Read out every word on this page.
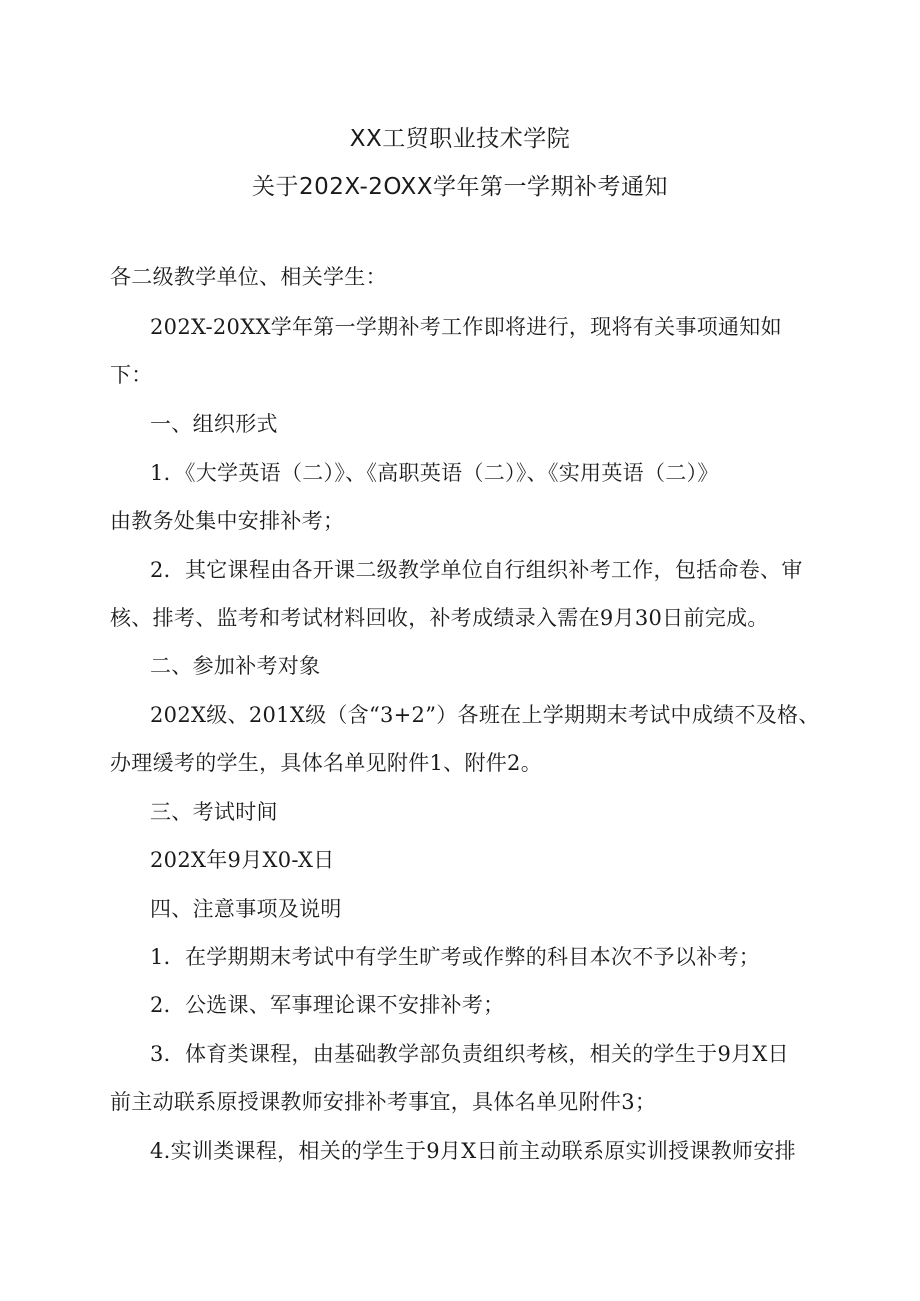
XX工贸职业技术学院
关于202X-2OXX学年第一学期补考通知
各二级教学单位、相关学生：
202X-20XX学年第一学期补考工作即将进行，现将有关事项通知如
下：
一、组织形式
1．《大学英语（二）》、《高职英语（二）》、《实用英语（二）》
由教务处集中安排补考；
2．其它课程由各开课二级教学单位自行组织补考工作，包括命卷、审
核、排考、监考和考试材料回收，补考成绩录入需在9月30日前完成。
二、参加补考对象
202X级、201X级（含“3+2”）各班在上学期期末考试中成绩不及格、
办理缓考的学生，具体名单见附件1、附件2。
三、考试时间
202X年9月X0-X日
四、注意事项及说明
1．在学期期末考试中有学生旷考或作弊的科目本次不予以补考；
2．公选课、军事理论课不安排补考；
3．体育类课程，由基础教学部负责组织考核，相关的学生于9月X日
前主动联系原授课教师安排补考事宜，具体名单见附件3；
4.实训类课程，相关的学生于9月X日前主动联系原实训授课教师安排
